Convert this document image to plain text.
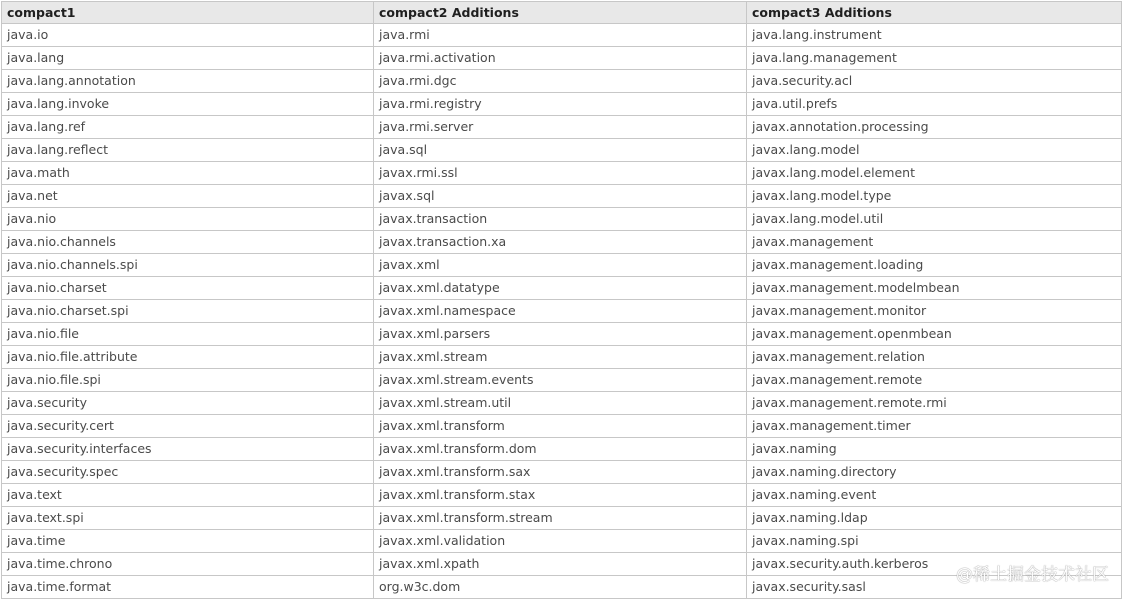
compact1	compact2 Additions	compact3 Additions
java.io	java.rmi	java.lang.instrument
java.lang	java.rmi.activation	java.lang.management
java.lang.annotation	java.rmi.dgc	java.security.acl
java.lang.invoke	java.rmi.registry	java.util.prefs
java.lang.ref	java.rmi.server	javax.annotation.processing
java.lang.reflect	java.sql	javax.lang.model
java.math	javax.rmi.ssl	javax.lang.model.element
java.net	javax.sql	javax.lang.model.type
java.nio	javax.transaction	javax.lang.model.util
java.nio.channels	javax.transaction.xa	javax.management
java.nio.channels.spi	javax.xml	javax.management.loading
java.nio.charset	javax.xml.datatype	javax.management.modelmbean
java.nio.charset.spi	javax.xml.namespace	javax.management.monitor
java.nio.file	javax.xml.parsers	javax.management.openmbean
java.nio.file.attribute	javax.xml.stream	javax.management.relation
java.nio.file.spi	javax.xml.stream.events	javax.management.remote
java.security	javax.xml.stream.util	javax.management.remote.rmi
java.security.cert	javax.xml.transform	javax.management.timer
java.security.interfaces	javax.xml.transform.dom	javax.naming
java.security.spec	javax.xml.transform.sax	javax.naming.directory
java.text	javax.xml.transform.stax	javax.naming.event
java.text.spi	javax.xml.transform.stream	javax.naming.ldap
java.time	javax.xml.validation	javax.naming.spi
java.time.chrono	javax.xml.xpath	javax.security.auth.kerberos
java.time.format	org.w3c.dom	javax.security.sasl
@稀土掘金技术社区
